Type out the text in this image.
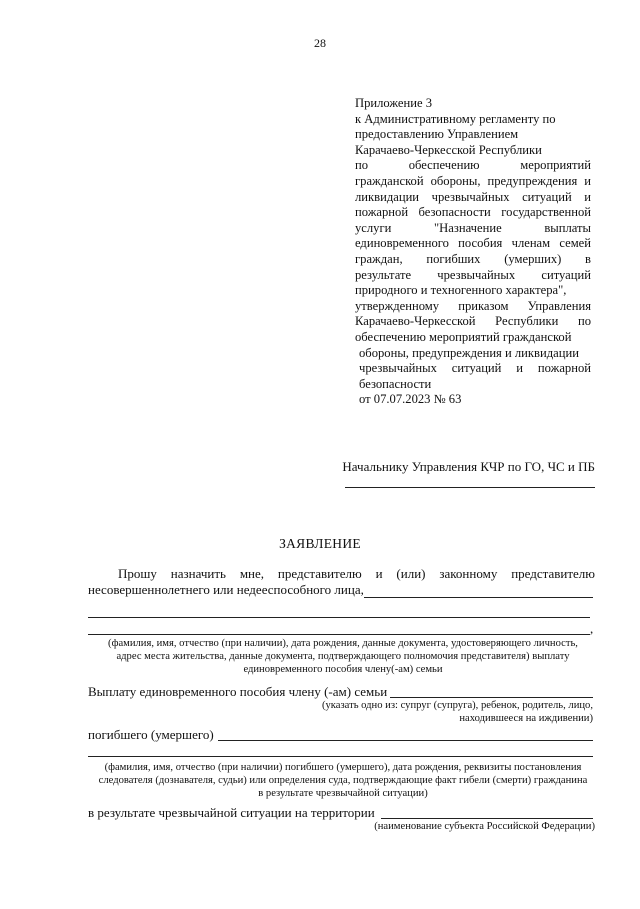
28
Приложение 3
к Административному регламенту по
предоставлению Управлением
Карачаево-Черкесской Республики
по обеспечению мероприятий
гражданской обороны, предупреждения и
ликвидации чрезвычайных ситуаций и
пожарной безопасности государственной
услуги "Назначение выплаты
единовременного пособия членам семей
граждан, погибших (умерших) в
результате чрезвычайных ситуаций
природного и техногенного характера",
утвержденному приказом Управления
Карачаево-Черкесской Республики по
обеспечению мероприятий гражданской
обороны, предупреждения и ликвидации
чрезвычайных ситуаций и пожарной
безопасности
от 07.07.2023 № 63
Начальнику Управления КЧР по ГО, ЧС и ПБ
ЗАЯВЛЕНИЕ
Прошу назначить мне, представителю и (или) законному представителю
несовершеннолетнего или недееспособного лица,
,
(фамилия, имя, отчество (при наличии), дата рождения, данные документа, удостоверяющего личность,
адрес места жительства, данные документа, подтверждающего полномочия представителя) выплату
единовременного пособия члену(-ам) семьи
Выплату единовременного пособия члену (-ам) семьи
(указать одно из: супруг (супруга), ребенок, родитель, лицо,
находившееся на иждивении)
погибшего (умершего)
(фамилия, имя, отчество (при наличии) погибшего (умершего), дата рождения, реквизиты постановления
следователя (дознавателя, судьи) или определения суда, подтверждающие факт гибели (смерти) гражданина
в результате чрезвычайной ситуации)
в результате чрезвычайной ситуации на территории
(наименование субъекта Российской Федерации)
